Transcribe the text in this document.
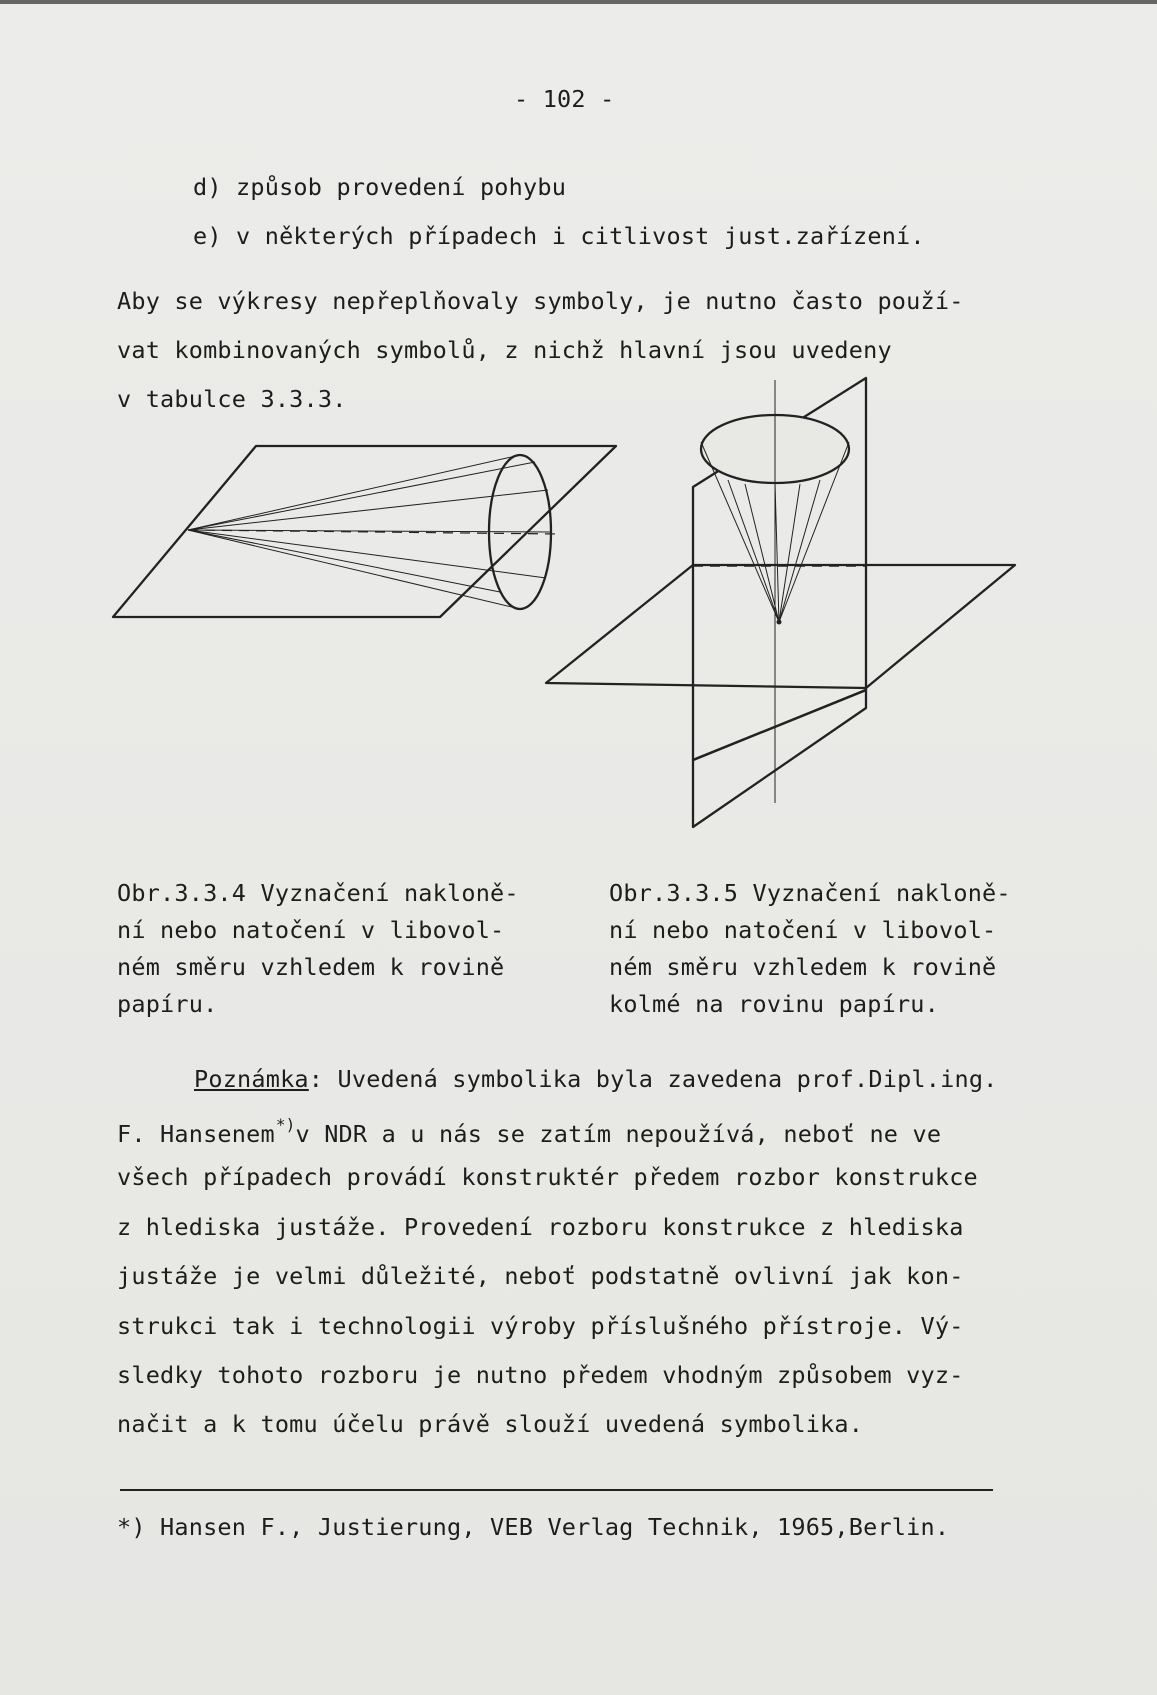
- 102 -
d) způsob provedení pohybu
e) v některých případech i citlivost just.zařízení.
Aby se výkresy nepřeplňovaly symboly, je nutno často použí-
vat kombinovaných symbolů, z nichž hlavní jsou uvedeny
v tabulce 3.3.3.
Obr.3.3.4 Vyznačení nakloně-
ní nebo natočení v libovol-
ném směru vzhledem k rovině
papíru.
Obr.3.3.5 Vyznačení nakloně-
ní nebo natočení v libovol-
ném směru vzhledem k rovině
kolmé na rovinu papíru.
Poznámka: Uvedená symbolika byla zavedena prof.Dipl.ing.
F. Hansenem*)v NDR a u nás se zatím nepoužívá, neboť ne ve
všech případech provádí konstruktér předem rozbor konstrukce
z hlediska justáže. Provedení rozboru konstrukce z hlediska
justáže je velmi důležité, neboť podstatně ovlivní jak kon-
strukci tak i technologii výroby příslušného přístroje. Vý-
sledky tohoto rozboru je nutno předem vhodným způsobem vyz-
načit a k tomu účelu právě slouží uvedená symbolika.
*) Hansen F., Justierung, VEB Verlag Technik, 1965,Berlin.
